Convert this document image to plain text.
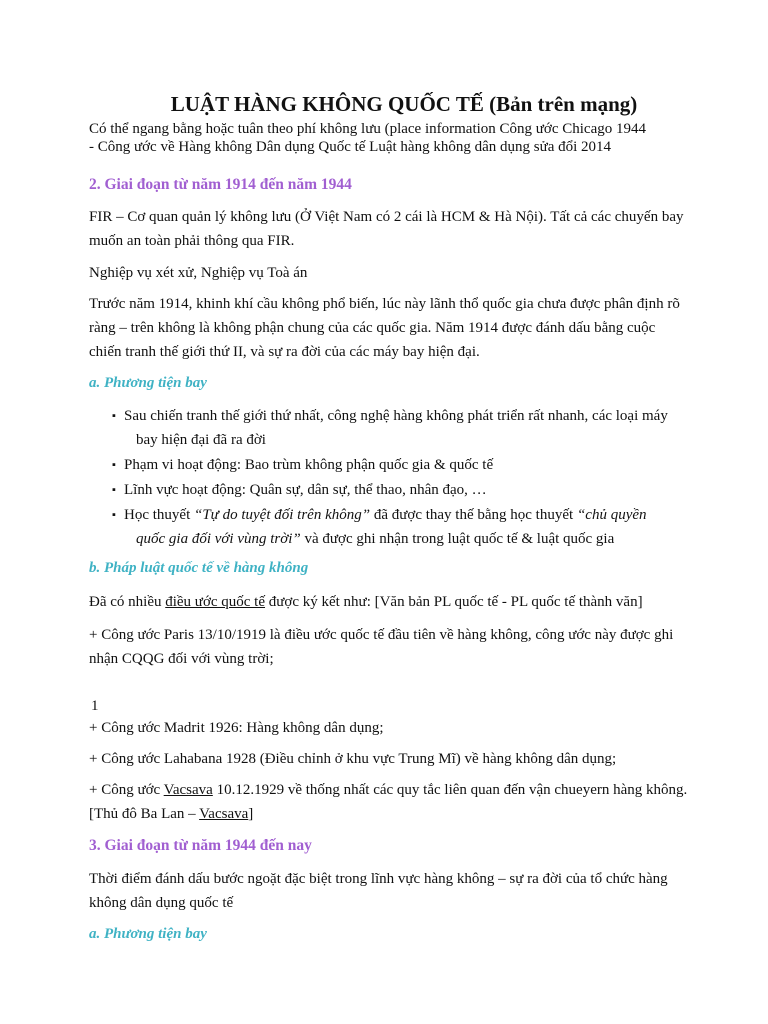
LUẬT HÀNG KHÔNG QUỐC TẾ (Bản trên mạng)

Có thể ngang bằng hoặc tuân theo phí không lưu (place information Công ước Chicago 1944 - Công ước về Hàng không Dân dụng Quốc tế Luật hàng không dân dụng sửa đổi 2014

2. Giai đoạn từ năm 1914 đến năm 1944

FIR – Cơ quan quản lý không lưu (Ở Việt Nam có 2 cái là HCM & Hà Nội). Tất cả các chuyến bay muốn an toàn phải thông qua FIR.

Nghiệp vụ xét xử, Nghiệp vụ Toà án

Trước năm 1914, khinh khí cầu không phổ biến, lúc này lãnh thổ quốc gia chưa được phân định rõ ràng – trên không là không phận chung của các quốc gia. Năm 1914 được đánh dấu bằng cuộc chiến tranh thế giới thứ II, và sự ra đời của các máy bay hiện đại.

a. Phương tiện bay
▪ Sau chiến tranh thế giới thứ nhất, công nghệ hàng không phát triển rất nhanh, các loại máy
bay hiện đại đã ra đời
▪ Phạm vi hoạt động: Bao trùm không phận quốc gia & quốc tế
▪ Lĩnh vực hoạt động: Quân sự, dân sự, thể thao, nhân đạo, …
▪ Học thuyết “Tự do tuyệt đối trên không” đã được thay thế bằng học thuyết “chủ quyền
quốc gia đối với vùng trời” và được ghi nhận trong luật quốc tế & luật quốc gia
b. Pháp luật quốc tế về hàng không

Đã có nhiều điều ước quốc tế được ký kết như: [Văn bản PL quốc tế - PL quốc tế thành văn]

+ Công ước Paris 13/10/1919 là điều ước quốc tế đầu tiên về hàng không, công ước này được ghi nhận CQQG đối với vùng trời;

1

+ Công ước Madrit 1926: Hàng không dân dụng;

+ Công ước Lahabana 1928 (Điều chỉnh ở khu vực Trung Mĩ) về hàng không dân dụng;

+ Công ước Vacsava 10.12.1929 về thống nhất các quy tắc liên quan đến vận chueyern hàng không. [Thủ đô Ba Lan – Vacsava]

3. Giai đoạn từ năm 1944 đến nay

Thời điểm đánh dấu bước ngoặt đặc biệt trong lĩnh vực hàng không – sự ra đời của tổ chức hàng không dân dụng quốc tế

a. Phương tiện bay
